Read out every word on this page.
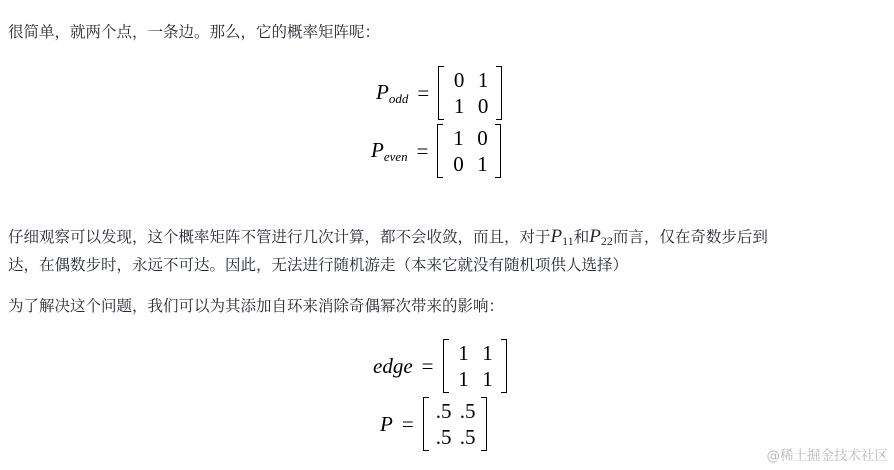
很简单，就两个点，一条边。那么，它的概率矩阵呢：

$P_{odd}$ =
0 1
1 0
$P_{even}$ =
1 0
0 1

仔细观察可以发现，这个概率矩阵不管进行几次计算，都不会收敛，而且，对于$P_{11}$和$P_{22}$而言，仅在奇数步后到
达，在偶数步时，永远不可达。因此，无法进行随机游走（本来它就没有随机项供人选择）

为了解决这个问题，我们可以为其添加自环来消除奇偶幂次带来的影响：

edge =
1 1
1 1
P =
.5 .5
.5 .5
@稀土掘金技术社区
